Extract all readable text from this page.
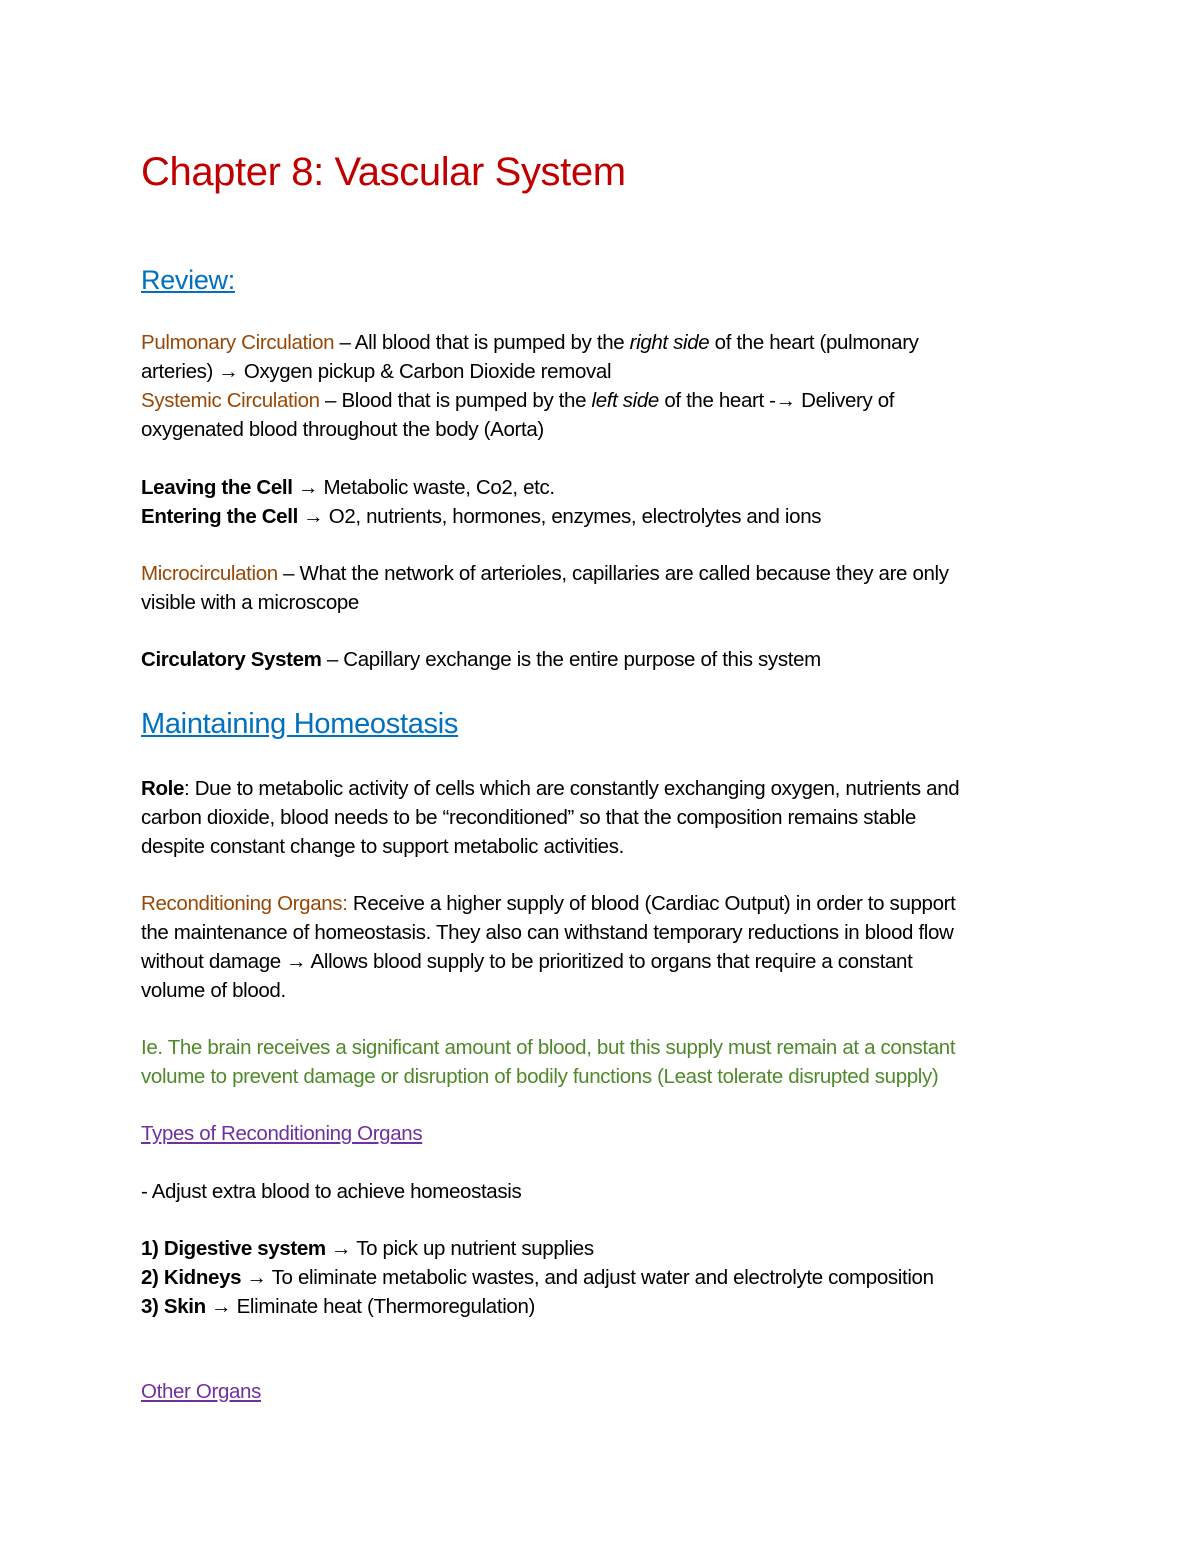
Chapter 8: Vascular System
Review:

Pulmonary Circulation – All blood that is pumped by the right side of the heart (pulmonary
arteries) → Oxygen pickup & Carbon Dioxide removal
Systemic Circulation – Blood that is pumped by the left side of the heart -→ Delivery of
oxygenated blood throughout the body (Aorta)

Leaving the Cell → Metabolic waste, Co2, etc.
Entering the Cell → O2, nutrients, hormones, enzymes, electrolytes and ions

Microcirculation – What the network of arterioles, capillaries are called because they are only
visible with a microscope

Circulatory System – Capillary exchange is the entire purpose of this system

Maintaining Homeostasis

Role: Due to metabolic activity of cells which are constantly exchanging oxygen, nutrients and
carbon dioxide, blood needs to be “reconditioned” so that the composition remains stable
despite constant change to support metabolic activities.

Reconditioning Organs: Receive a higher supply of blood (Cardiac Output) in order to support
the maintenance of homeostasis. They also can withstand temporary reductions in blood flow
without damage → Allows blood supply to be prioritized to organs that require a constant
volume of blood.

Ie. The brain receives a significant amount of blood, but this supply must remain at a constant
volume to prevent damage or disruption of bodily functions (Least tolerate disrupted supply)

Types of Reconditioning Organs

- Adjust extra blood to achieve homeostasis

1) Digestive system → To pick up nutrient supplies
2) Kidneys → To eliminate metabolic wastes, and adjust water and electrolyte composition
3) Skin → Eliminate heat (Thermoregulation)

Other Organs
